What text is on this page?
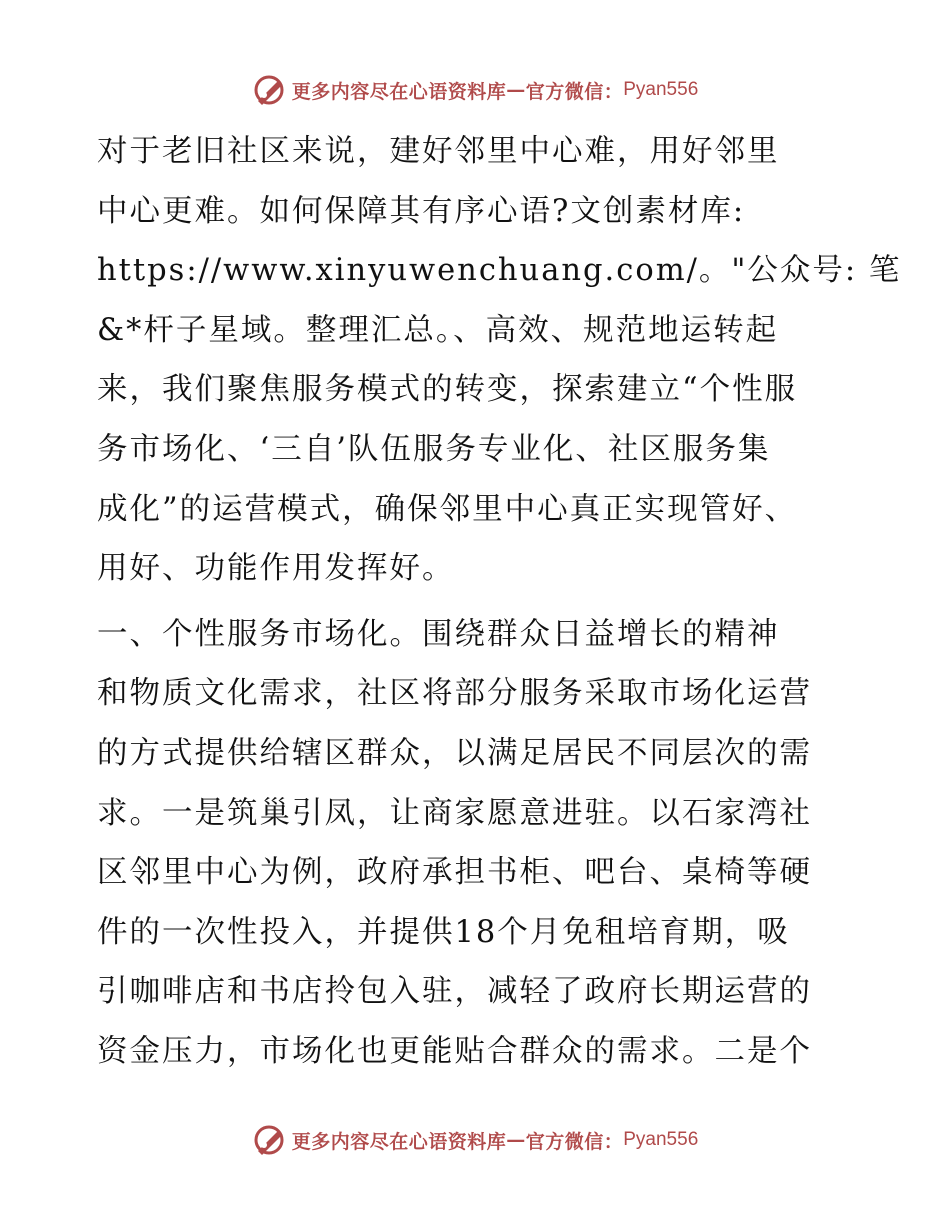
更多内容尽在心语资料库 — 官方微信： Pyan556

对于老旧社区来说，建好邻里中心难，用好邻里
中心更难。如何保障其有序心语?文创素材库:
https://www.xinyuwenchuang.com/。"公众号: 笔
&*杆子星域。整理汇总。、高效、规范地运转起
来，我们聚焦服务模式的转变，探索建立“个性服
务市场化、‘三自’队伍服务专业化、社区服务集
成化”的运营模式，确保邻里中心真正实现管好、
用好、功能作用发挥好。

一、个性服务市场化。围绕群众日益增长的精神
和物质文化需求，社区将部分服务采取市场化运营
的方式提供给辖区群众，以满足居民不同层次的需
求。一是筑巢引凤，让商家愿意进驻。以石家湾社
区邻里中心为例，政府承担书柜、吧台、桌椅等硬
件的一次性投入，并提供18个月免租培育期，吸
引咖啡店和书店拎包入驻，减轻了政府长期运营的
资金压力，市场化也更能贴合群众的需求。二是个

更多内容尽在心语资料库 — 官方微信： Pyan556
